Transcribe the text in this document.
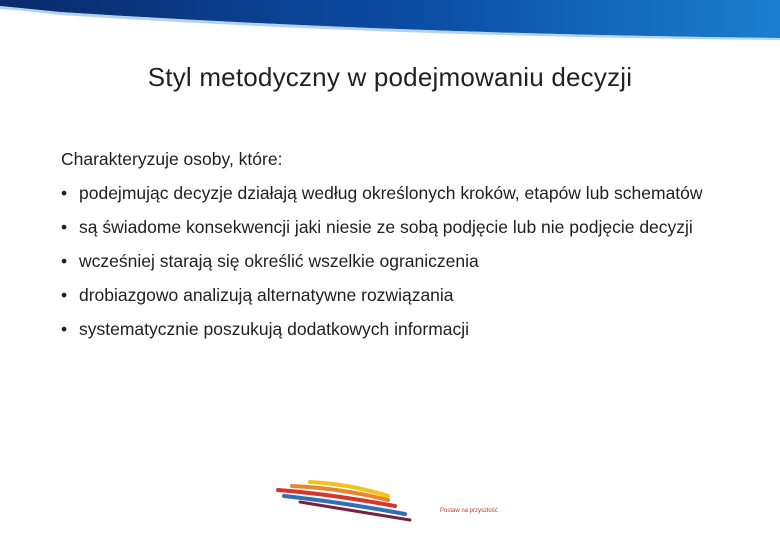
Styl metodyczny w podejmowaniu decyzji

Charakteryzuje osoby, które:

• podejmując decyzje działają według określonych kroków, etapów lub schematów
• są świadome konsekwencji jaki niesie ze sobą podjęcie lub nie podjęcie decyzji
• wcześniej starają się określić wszelkie ograniczenia
• drobiazgowo analizują alternatywne rozwiązania
• systematycznie poszukują dodatkowych informacji
Postaw na przyszłość
